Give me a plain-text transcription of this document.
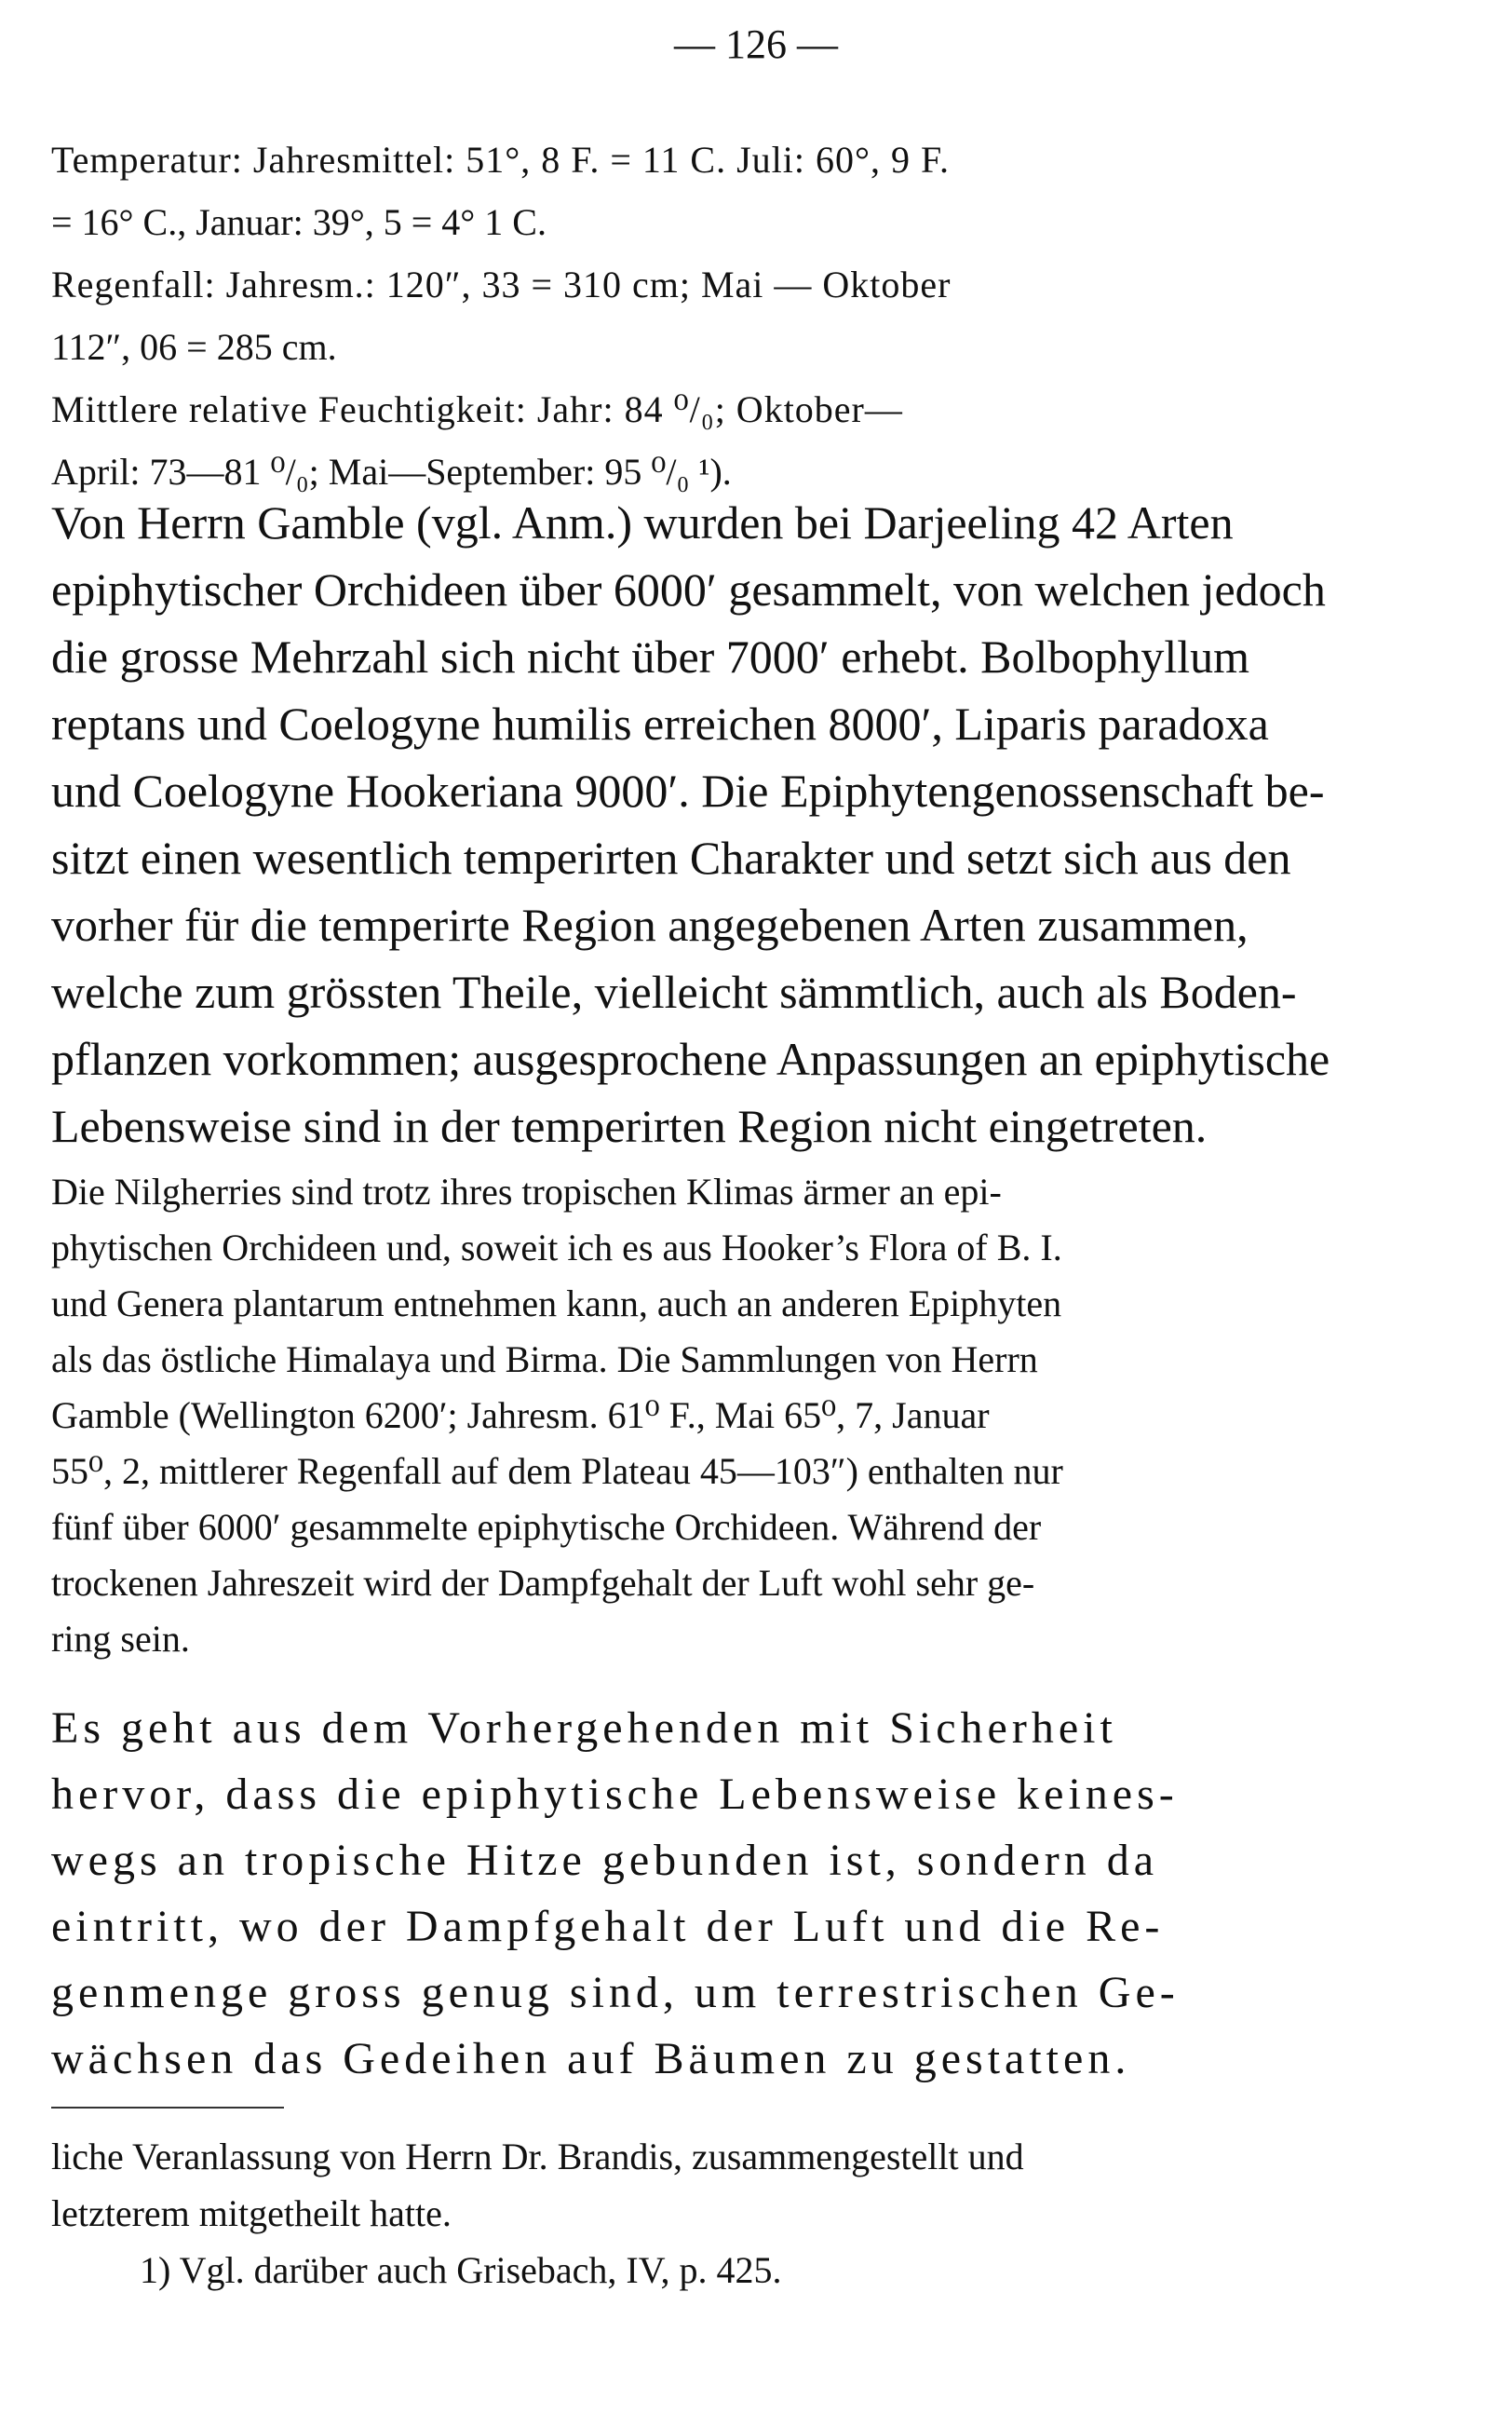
— 126 —
Temperatur: Jahresmittel: 51°, 8 F. = 11 C. Juli: 60°, 9 F.
= 16° C., Januar: 39°, 5 = 4° 1 C.
Regenfall: Jahresm.: 120″, 33 = 310 cm; Mai — Oktober
112″, 06 = 285 cm.
Mittlere relative Feuchtigkeit: Jahr: 84 ⁰/₀; Oktober—
April: 73—81 ⁰/₀; Mai—September: 95 ⁰/₀ ¹).
Von Herrn Gamble (vgl. Anm.) wurden bei Darjeeling 42 Arten
epiphytischer Orchideen über 6000′ gesammelt, von welchen jedoch
die grosse Mehrzahl sich nicht über 7000′ erhebt. Bolbophyllum
reptans und Coelogyne humilis erreichen 8000′, Liparis paradoxa
und Coelogyne Hookeriana 9000′. Die Epiphytengenossenschaft be-
sitzt einen wesentlich temperirten Charakter und setzt sich aus den
vorher für die temperirte Region angegebenen Arten zusammen,
welche zum grössten Theile, vielleicht sämmtlich, auch als Boden-
pflanzen vorkommen; ausgesprochene Anpassungen an epiphytische
Lebensweise sind in der temperirten Region nicht eingetreten.
Die Nilgherries sind trotz ihres tropischen Klimas ärmer an epi-
phytischen Orchideen und, soweit ich es aus Hooker’s Flora of B. I.
und Genera plantarum entnehmen kann, auch an anderen Epiphyten
als das östliche Himalaya und Birma. Die Sammlungen von Herrn
Gamble (Wellington 6200′; Jahresm. 61⁰ F., Mai 65⁰, 7, Januar
55⁰, 2, mittlerer Regenfall auf dem Plateau 45—103″) enthalten nur
fünf über 6000′ gesammelte epiphytische Orchideen. Während der
trockenen Jahreszeit wird der Dampfgehalt der Luft wohl sehr ge-
ring sein.
Es geht aus dem Vorhergehenden mit Sicherheit
hervor, dass die epiphytische Lebensweise keines-
wegs an tropische Hitze gebunden ist, sondern da
eintritt, wo der Dampfgehalt der Luft und die Re-
genmenge gross genug sind, um terrestrischen Ge-
wächsen das Gedeihen auf Bäumen zu gestatten.
liche Veranlassung von Herrn Dr. Brandis, zusammengestellt und
letzterem mitgetheilt hatte.
1) Vgl. darüber auch Grisebach, IV, p. 425.
